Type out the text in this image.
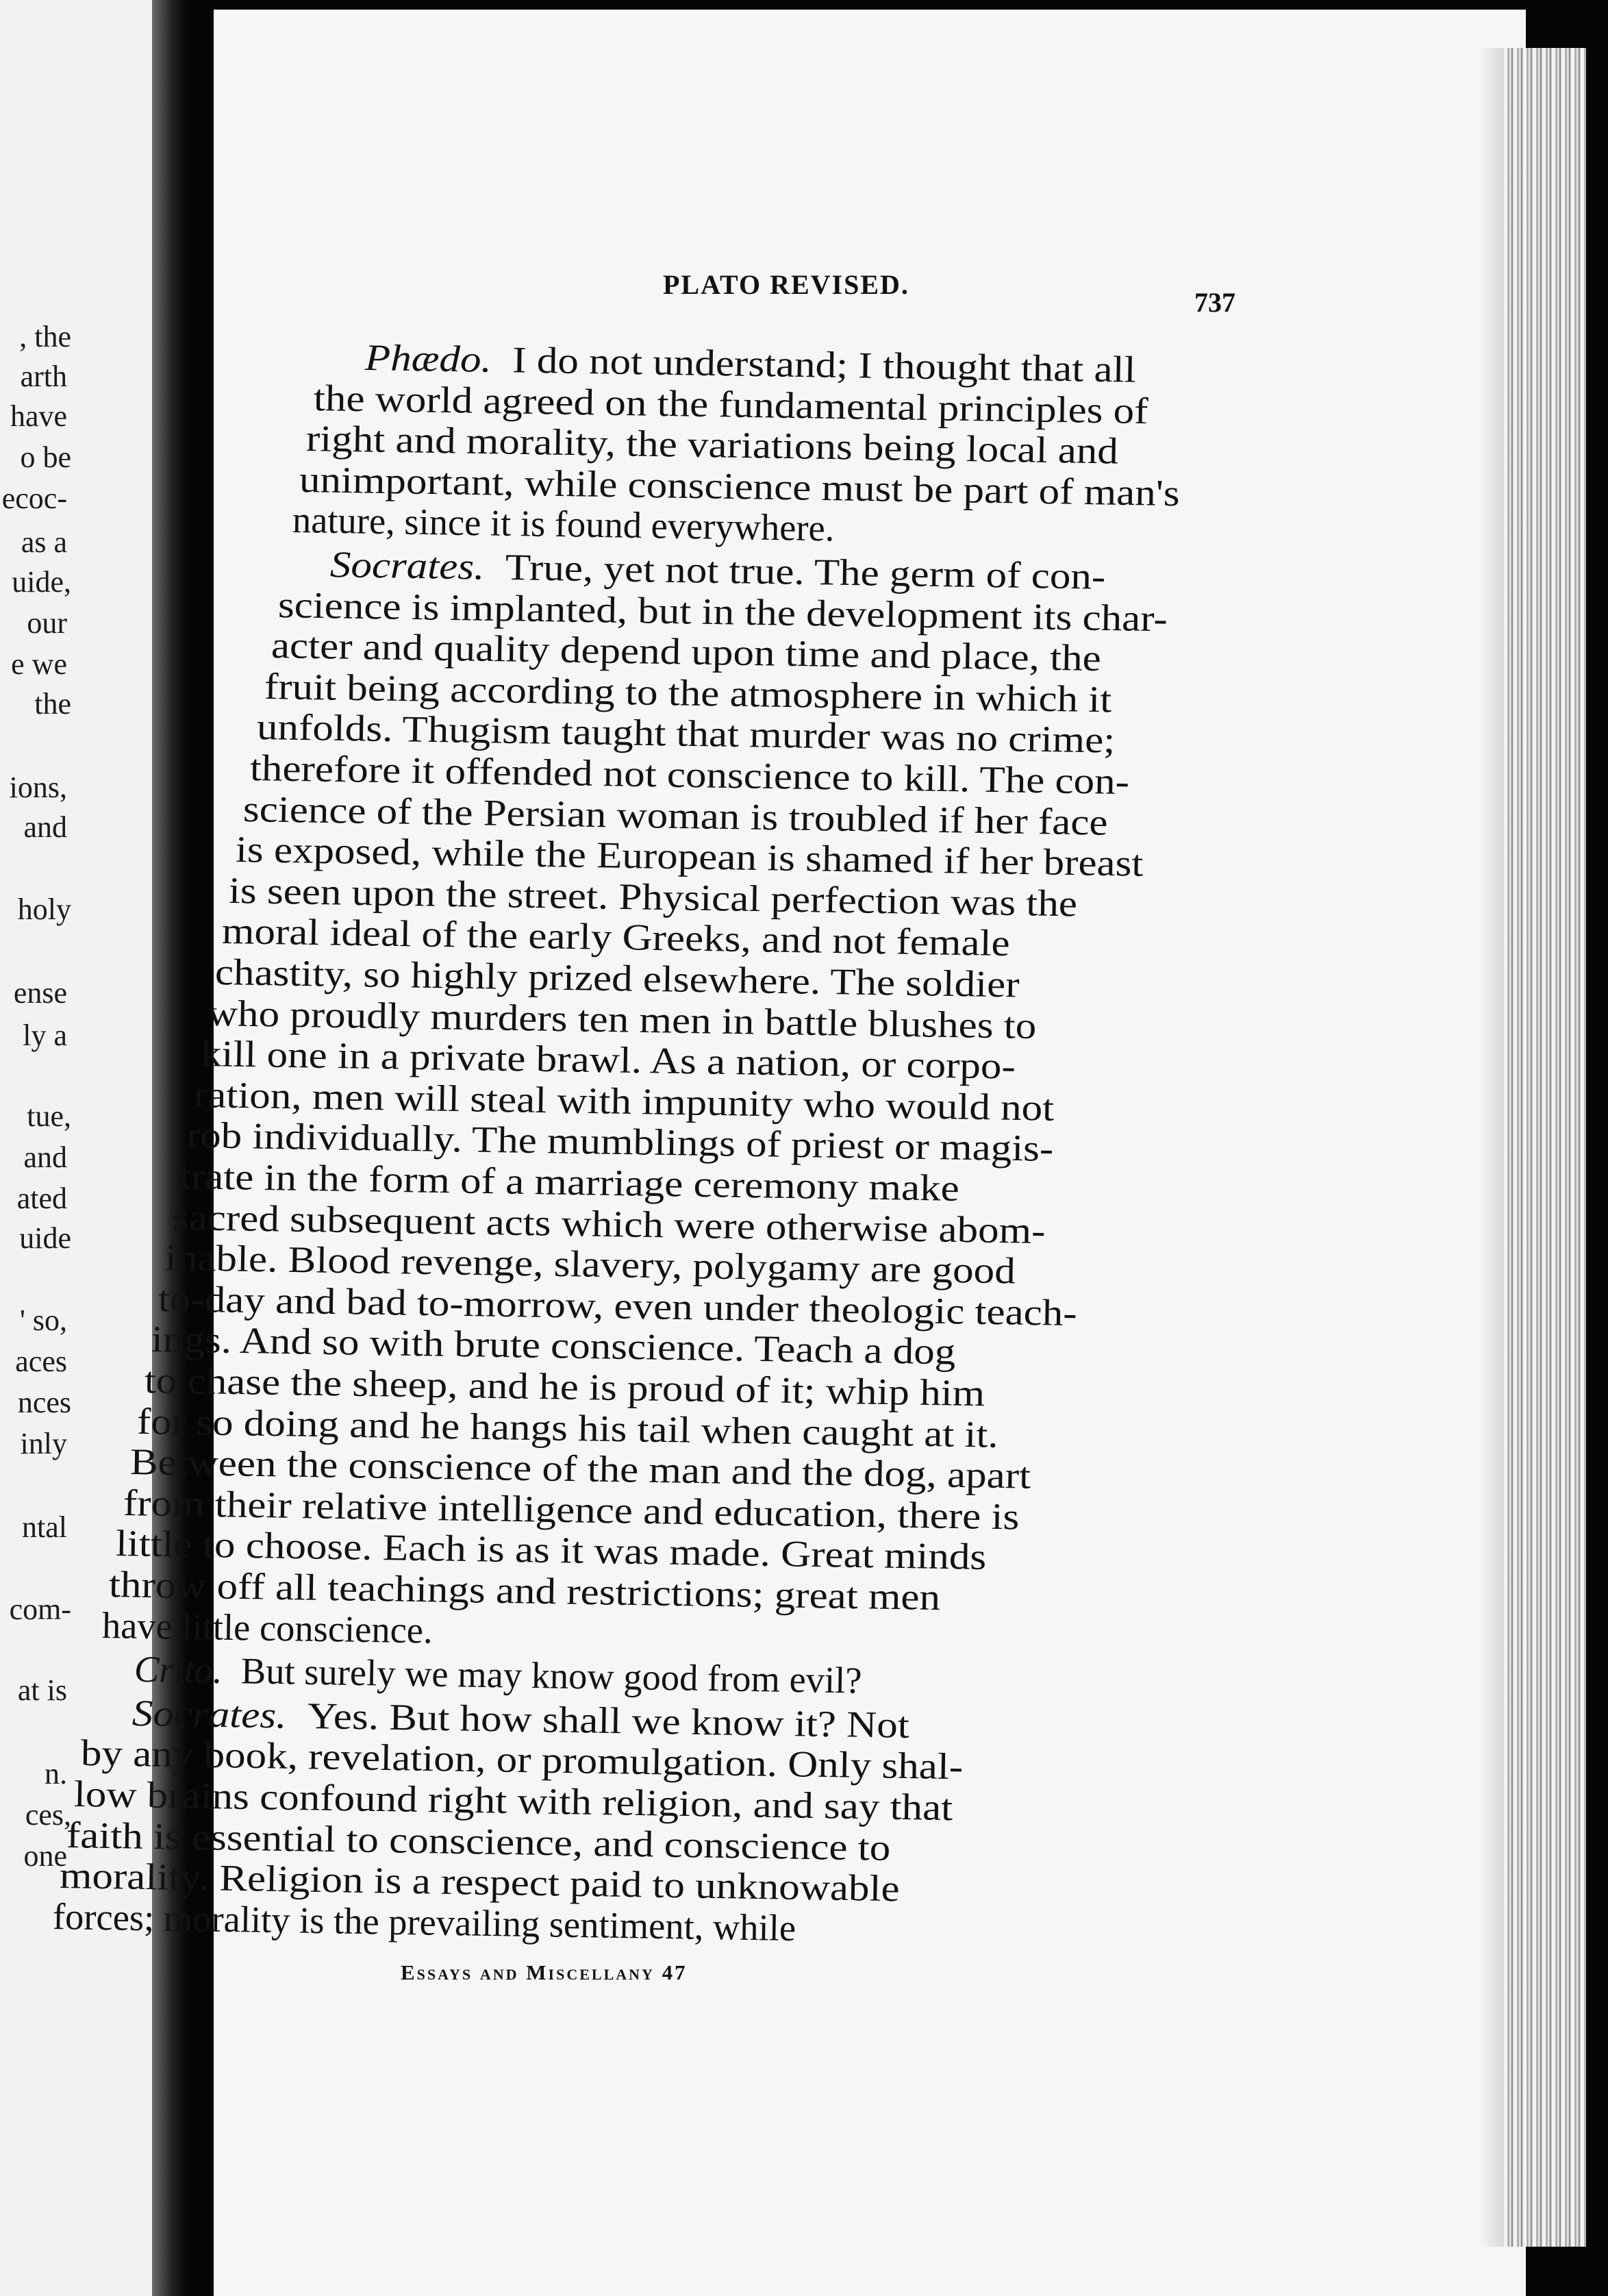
, the
arth
have
o be
ecoc-
as a
uide,
our
e we
the
ions,
and
holy
ense
ly a
tue,
and
ated
uide
' so,
aces
nces
inly
ntal
com-
at is
n.
ces,
one
PLATO REVISED.
737
Phædo.  I do not understand; I thought that all
the world agreed on the fundamental principles of
right and morality, the variations being local and
unimportant, while conscience must be part of man's
nature, since it is found everywhere.
Socrates.  True, yet not true. The germ of con-
science is implanted, but in the development its char-
acter and quality depend upon time and place, the
fruit being according to the atmosphere in which it
unfolds. Thugism taught that murder was no crime;
therefore it offended not conscience to kill. The con-
science of the Persian woman is troubled if her face
is exposed, while the European is shamed if her breast
is seen upon the street. Physical perfection was the
moral ideal of the early Greeks, and not female
chastity, so highly prized elsewhere. The soldier
who proudly murders ten men in battle blushes to
kill one in a private brawl. As a nation, or corpo-
ration, men will steal with impunity who would not
rob individually. The mumblings of priest or magis-
trate in the form of a marriage ceremony make
sacred subsequent acts which were otherwise abom-
inable. Blood revenge, slavery, polygamy are good
to-day and bad to-morrow, even under theologic teach-
ings. And so with brute conscience. Teach a dog
to chase the sheep, and he is proud of it; whip him
for so doing and he hangs his tail when caught at it.
Between the conscience of the man and the dog, apart
from their relative intelligence and education, there is
little to choose. Each is as it was made. Great minds
throw off all teachings and restrictions; great men
have little conscience.
Crito.  But surely we may know good from evil?
Socrates.  Yes. But how shall we know it? Not
by any book, revelation, or promulgation. Only shal-
low brains confound right with religion, and say that
faith is essential to conscience, and conscience to
morality. Religion is a respect paid to unknowable
forces; morality is the prevailing sentiment, while
Essays and Miscellany 47
